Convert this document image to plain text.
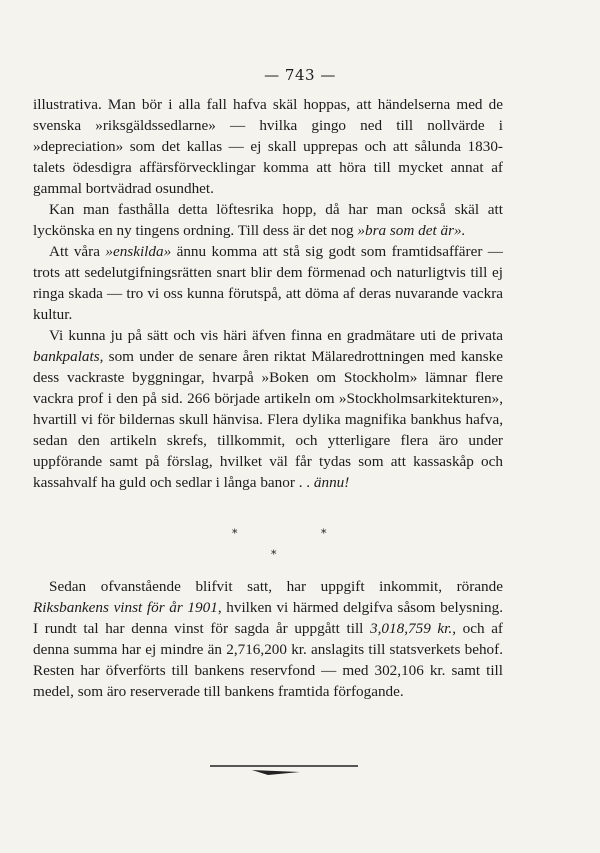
— 743 —

illustrativa. Man bör i alla fall hafva skäl hoppas, att händelserna med de svenska »riksgäldssedlarne» — hvilka gingo ned till nollvärde i »depreciation» som det kallas — ej skall upprepas och att sålunda 1830-talets ödesdigra affärsförvecklingar komma att höra till mycket annat af gammal bortvädrad osundhet.

Kan man fasthålla detta löftesrika hopp, då har man också skäl att lyckönska en ny tingens ordning. Till dess är det nog »bra som det är».

Att våra »enskilda» ännu komma att stå sig godt som framtidsaffärer — trots att sedelutgifningsrätten snart blir dem förmenad och naturligtvis till ej ringa skada — tro vi oss kunna förutspå, att döma af deras nuvarande vackra kultur.

Vi kunna ju på sätt och vis häri äfven finna en gradmätare uti de privata bankpalats, som under de senare åren riktat Mälaredrottningen med kanske dess vackraste byggningar, hvarpå »Boken om Stockholm» lämnar flere vackra prof i den på sid. 266 började artikeln om »Stockholmsarkitekturen», hvartill vi för bildernas skull hänvisa. Flera dylika magnifika bankhus hafva, sedan den artikeln skrefs, tillkommit, och ytterligare flera äro under uppförande samt på förslag, hvilket väl får tydas som att kassaskåp och kassahvalf ha guld och sedlar i långa banor . . ännu!

*	*
*

Sedan ofvanstående blifvit satt, har uppgift inkommit, rörande Riksbankens vinst för år 1901, hvilken vi härmed delgifva såsom belysning. I rundt tal har denna vinst för sagda år uppgått till 3,018,759 kr., och af denna summa har ej mindre än 2,716,200 kr. anslagits till statsverkets behof. Resten har öfverförts till bankens reservfond — med 302,106 kr. samt till medel, som äro reserverade till bankens framtida förfogande.
